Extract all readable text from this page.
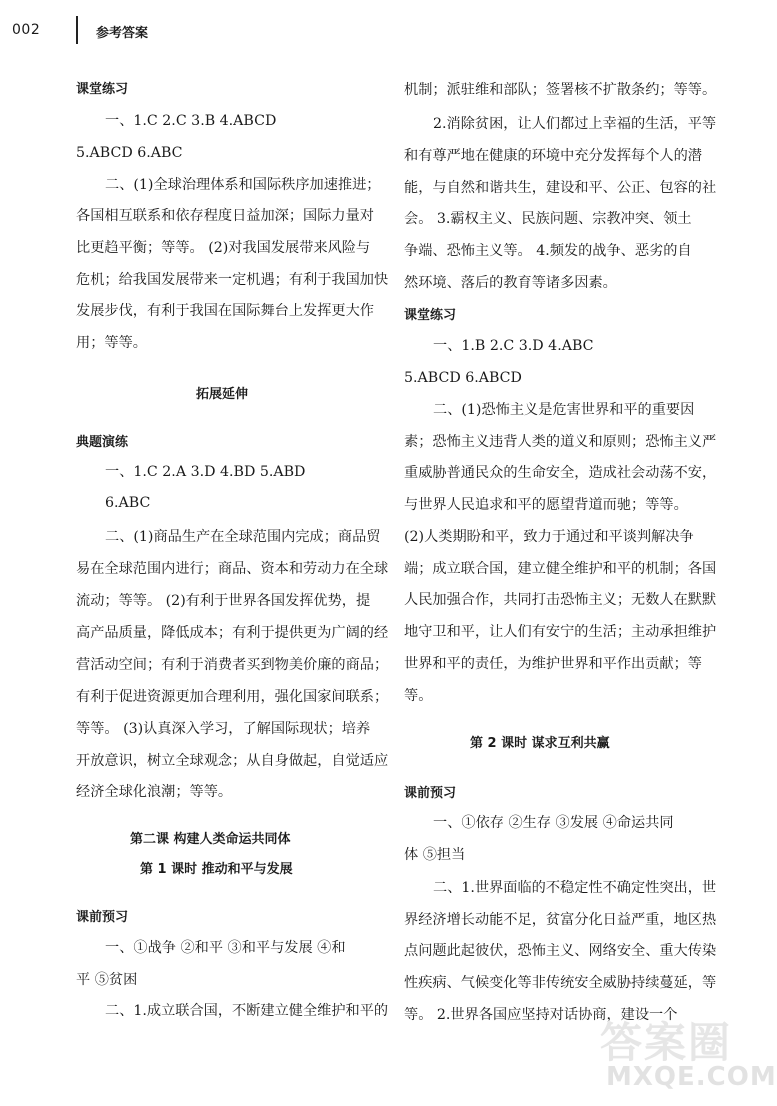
002	参考答案
课堂练习
一、1.C 2.C 3.B 4.ABCD
5.ABCD 6.ABC
二、(1)全球治理体系和国际秩序加速推进；
各国相互联系和依存程度日益加深；国际力量对
比更趋平衡；等等。 (2)对我国发展带来风险与
危机；给我国发展带来一定机遇；有利于我国加快
发展步伐，有利于我国在国际舞台上发挥更大作
用；等等。
拓展延伸
典题演练
一、1.C 2.A 3.D 4.BD 5.ABD
6.ABC
二、(1)商品生产在全球范围内完成；商品贸
易在全球范围内进行；商品、资本和劳动力在全球
流动；等等。 (2)有利于世界各国发挥优势，提
高产品质量，降低成本；有利于提供更为广阔的经
营活动空间；有利于消费者买到物美价廉的商品；
有利于促进资源更加合理利用，强化国家间联系；
等等。 (3)认真深入学习，了解国际现状；培养
开放意识，树立全球观念；从自身做起，自觉适应
经济全球化浪潮；等等。
第二课 构建人类命运共同体
第 1 课时 推动和平与发展
课前预习
一、①战争 ②和平 ③和平与发展 ④和
平 ⑤贫困
二、1.成立联合国，不断建立健全维护和平的
机制；派驻维和部队；签署核不扩散条约；等等。
2.消除贫困，让人们都过上幸福的生活，平等
和有尊严地在健康的环境中充分发挥每个人的潜
能，与自然和谐共生，建设和平、公正、包容的社
会。 3.霸权主义、民族问题、宗教冲突、领土
争端、恐怖主义等。 4.频发的战争、恶劣的自
然环境、落后的教育等诸多因素。
课堂练习
一、1.B 2.C 3.D 4.ABC
5.ABCD 6.ABCD
二、(1)恐怖主义是危害世界和平的重要因
素；恐怖主义违背人类的道义和原则；恐怖主义严
重威胁普通民众的生命安全，造成社会动荡不安，
与世界人民追求和平的愿望背道而驰；等等。
(2)人类期盼和平，致力于通过和平谈判解决争
端；成立联合国，建立健全维护和平的机制；各国
人民加强合作，共同打击恐怖主义；无数人在默默
地守卫和平，让人们有安宁的生活；主动承担维护
世界和平的责任，为维护世界和平作出贡献；等
等。
第 2 课时 谋求互利共赢
课前预习
一、①依存 ②生存 ③发展 ④命运共同
体 ⑤担当
二、1.世界面临的不稳定性不确定性突出，世
界经济增长动能不足，贫富分化日益严重，地区热
点问题此起彼伏，恐怖主义、网络安全、重大传染
性疾病、气候变化等非传统安全威胁持续蔓延，等
等。 2.世界各国应坚持对话协商，建设一个
答案圈
MXQE.COM
